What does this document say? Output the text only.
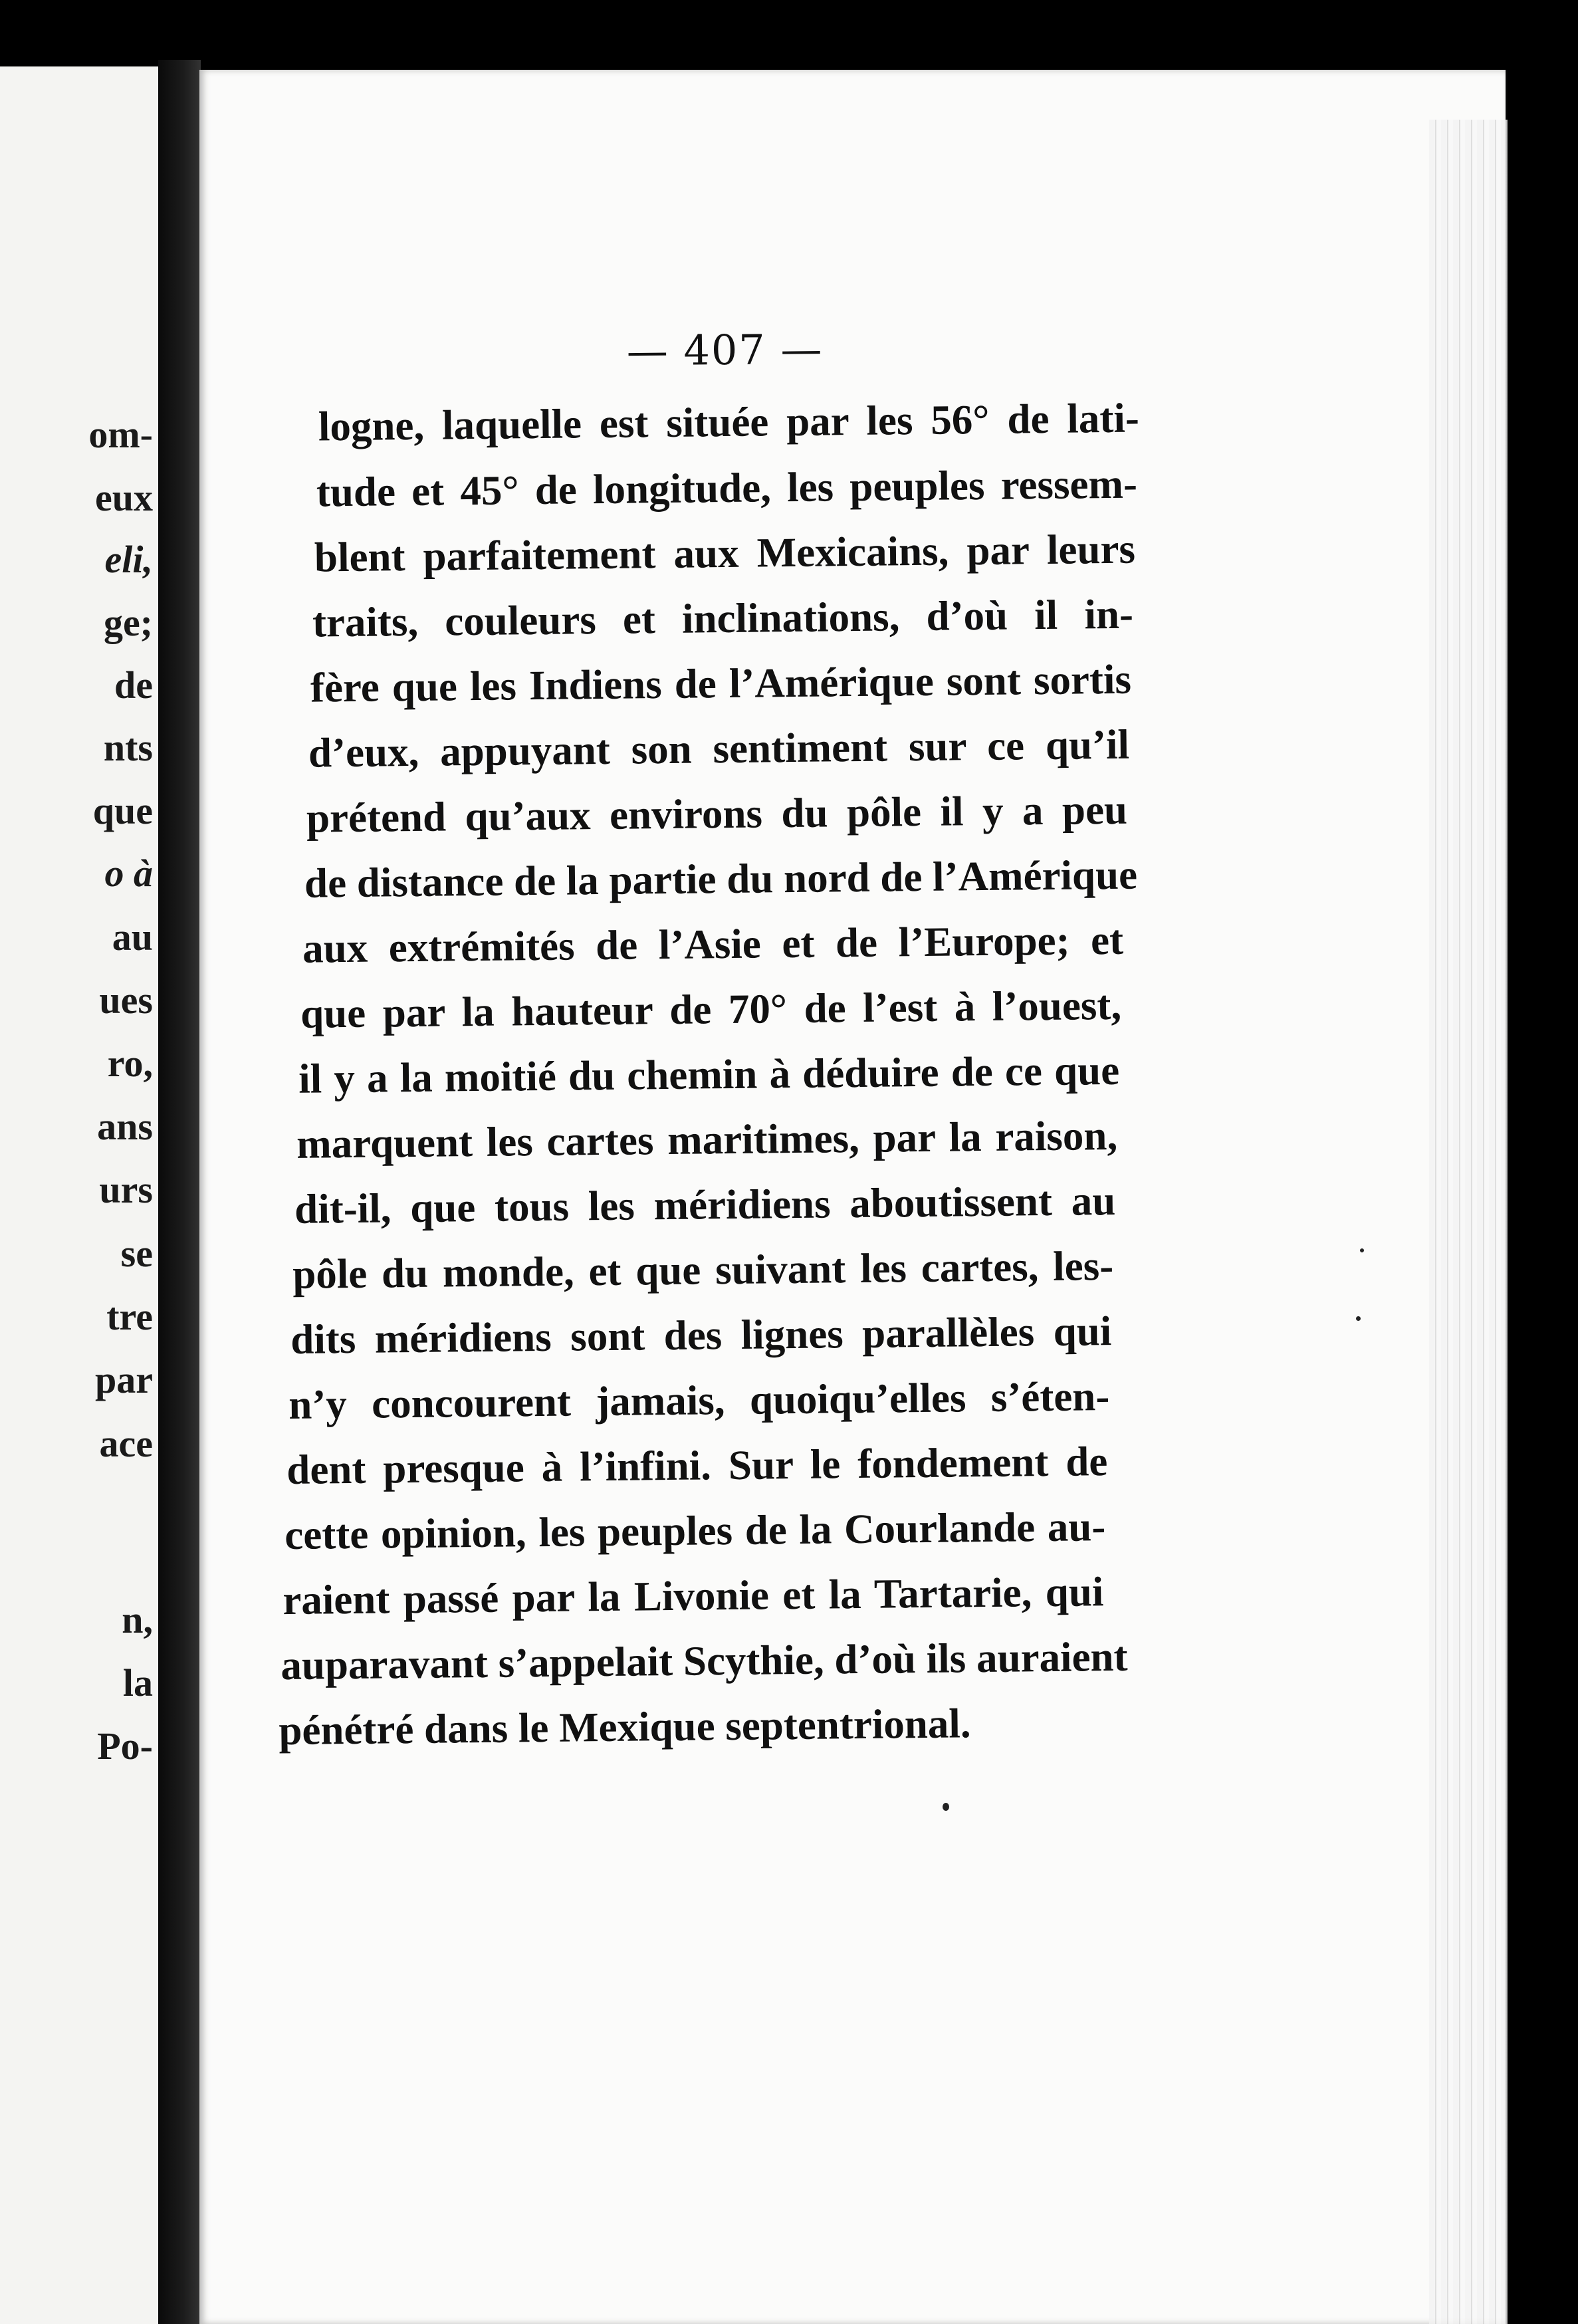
om-
eux
eli,
ge;
de
nts
que
o à
au
ues
ro,
ans
urs
se
tre
par
ace
n,
la
Po-
— 407 —
logne, laquelle est située par les 56° de lati-
tude et 45° de longitude, les peuples ressem-
blent parfaitement aux Mexicains, par leurs
traits, couleurs et inclinations, d’où il in-
fère que les Indiens de l’Amérique sont sortis
d’eux, appuyant son sentiment sur ce qu’il
prétend qu’aux environs du pôle il y a peu
de distance de la partie du nord de l’Amérique
aux extrémités de l’Asie et de l’Europe; et
que par la hauteur de 70° de l’est à l’ouest,
il y a la moitié du chemin à déduire de ce que
marquent les cartes maritimes, par la raison,
dit-il, que tous les méridiens aboutissent au
pôle du monde, et que suivant les cartes, les-
dits méridiens sont des lignes parallèles qui
n’y concourent jamais, quoiqu’elles s’éten-
dent presque à l’infini. Sur le fondement de
cette opinion, les peuples de la Courlande au-
raient passé par la Livonie et la Tartarie, qui
auparavant s’appelait Scythie, d’où ils auraient
pénétré dans le Mexique septentrional.
